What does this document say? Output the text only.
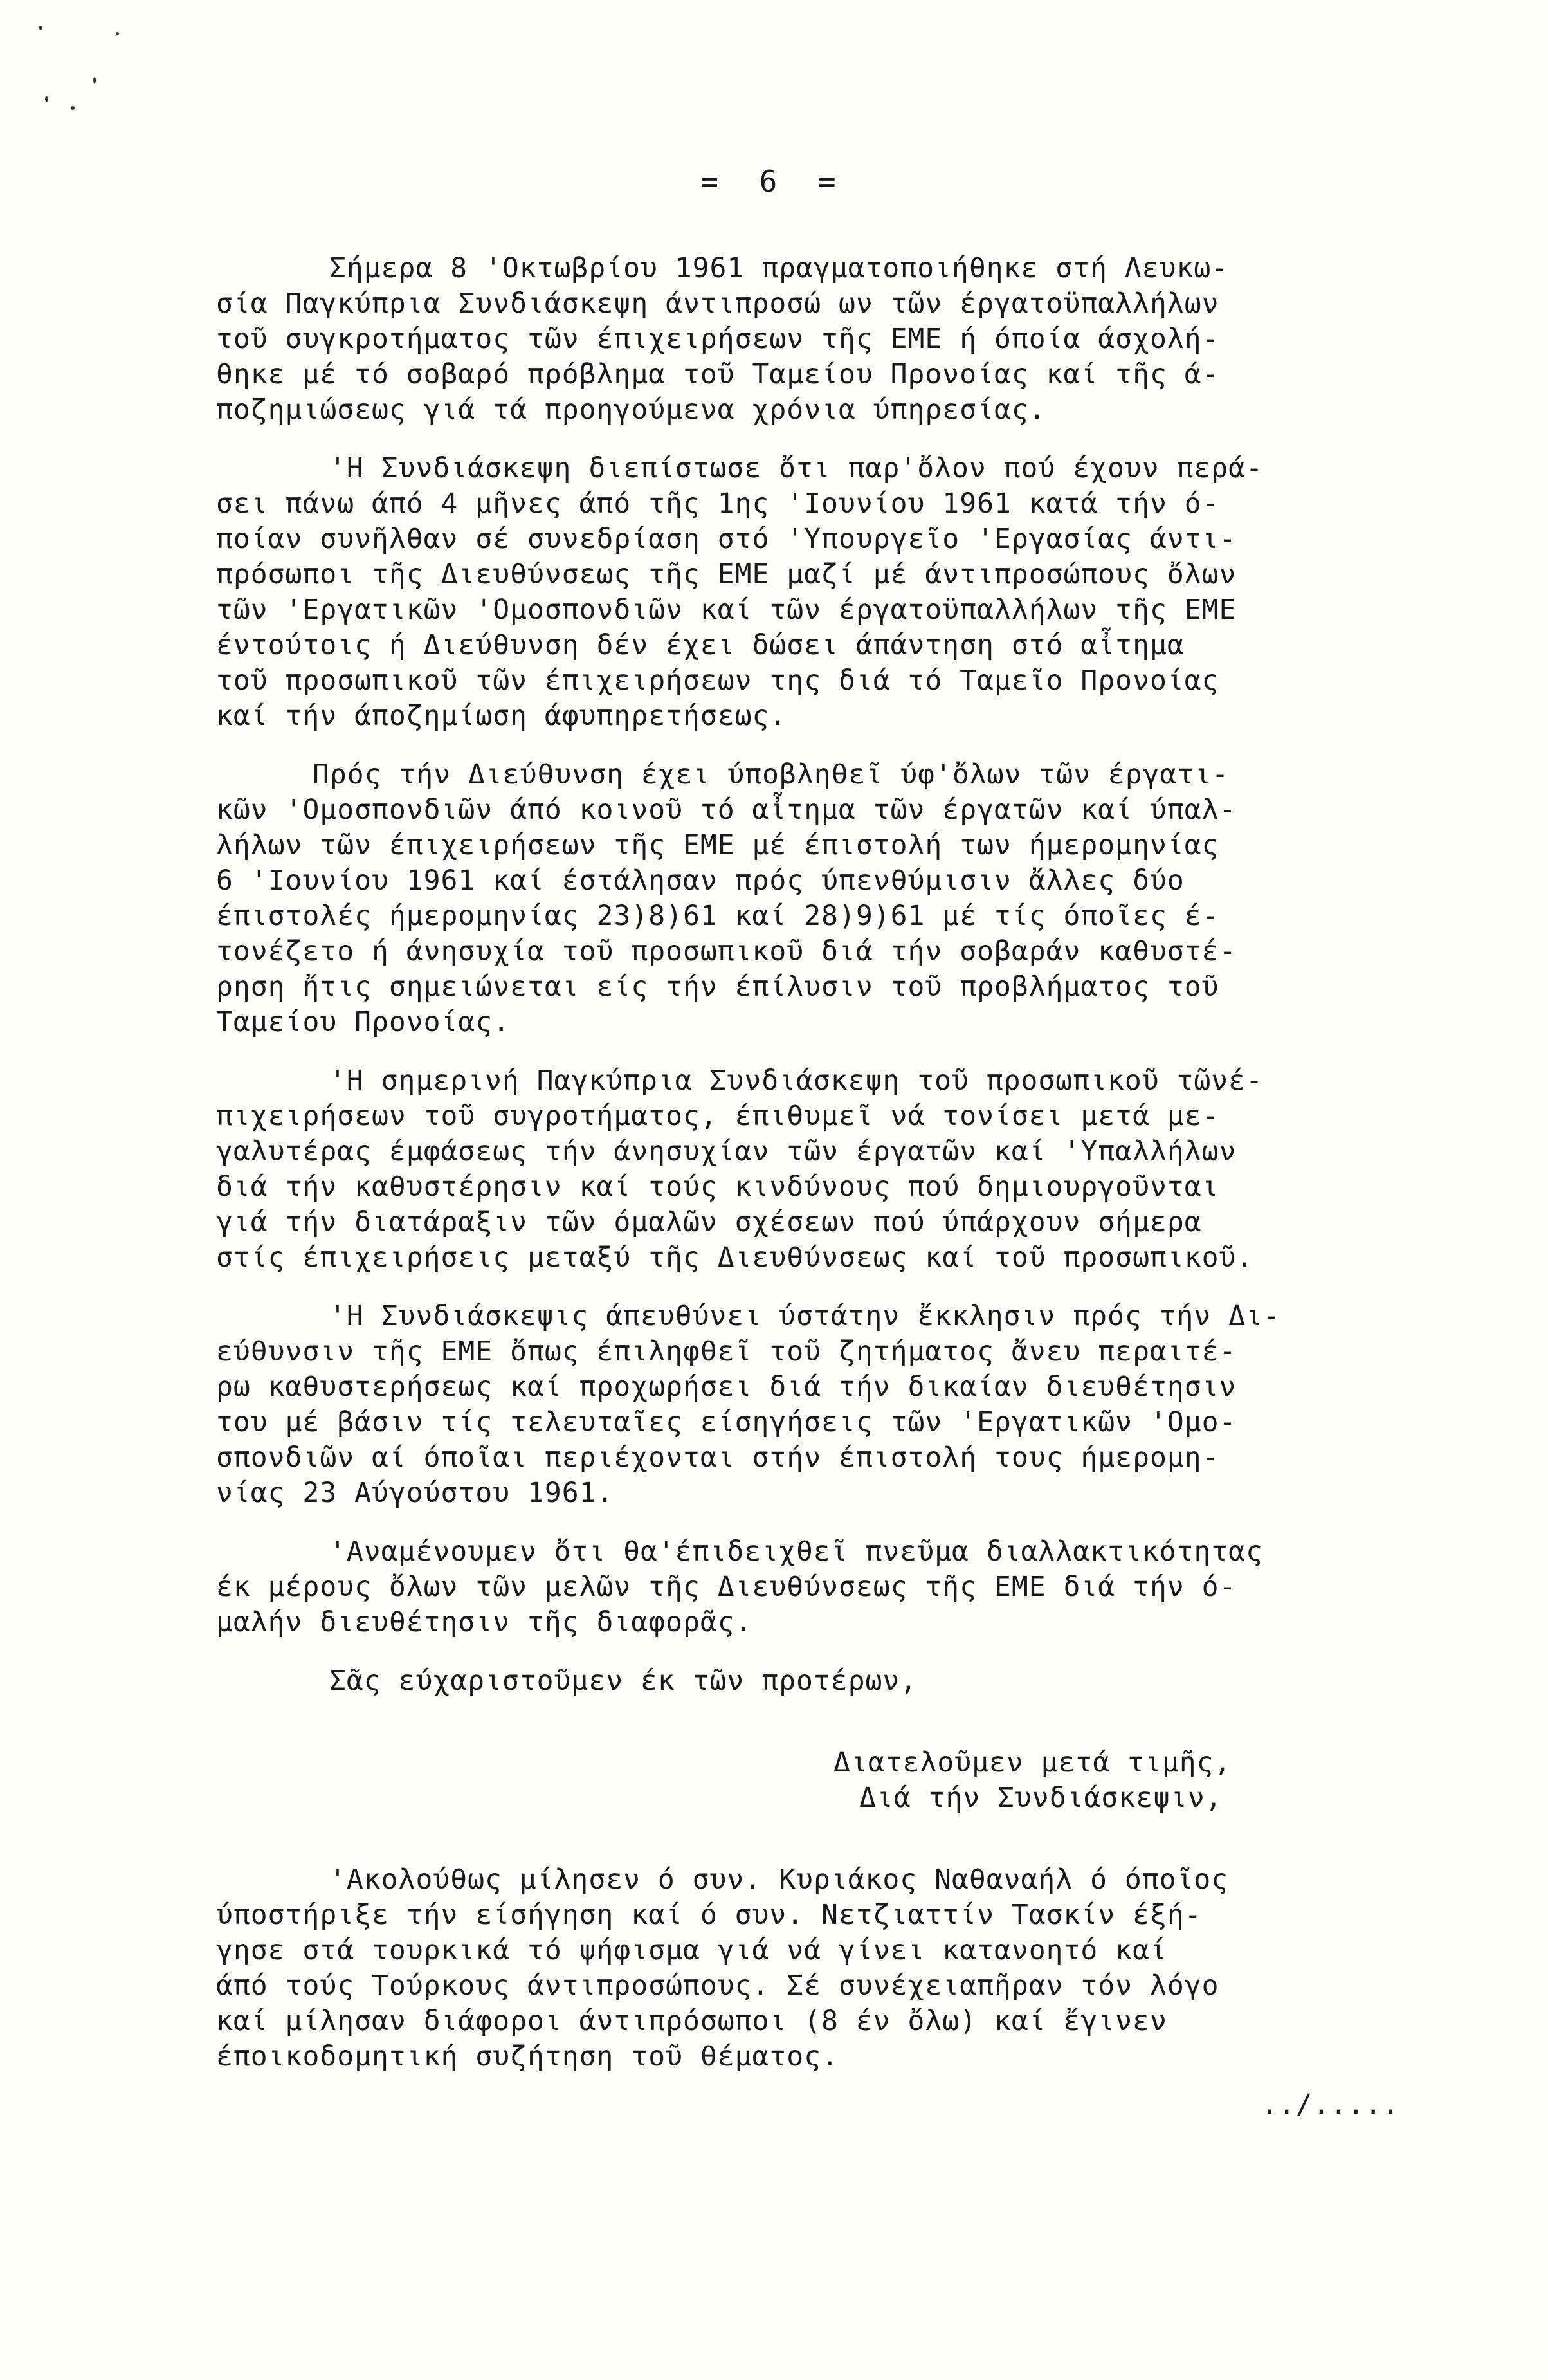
= 6 =
Σήμερα 8 'Οκτωβρίου 1961 πραγματοποιήθηκε στή Λευκω-
σία Παγκύπρια Συνδιάσκεψη άντιπροσώ ων τῶν έργατοϋπαλλήλων
τοῦ συγκροτήματος τῶν έπιχειρήσεων τῆς ΕΜΕ ή όποία άσχολή-
θηκε μέ τό σοβαρό πρόβλημα τοῦ Ταμείου Προνοίας καί τῆς ά-
ποζημιώσεως γιά τά προηγούμενα χρόνια ύπηρεσίας.
'Η Συνδιάσκεψη διεπίστωσε ὄτι παρ'ὄλον πού έχουν περά-
σει πάνω άπό 4 μῆνες άπό τῆς 1ης 'Ιουνίου 1961 κατά τήν ό-
ποίαν συνῆλθαν σέ συνεδρίαση στό 'Υπουργεῖο 'Εργασίας άντι-
πρόσωποι τῆς Διευθύνσεως τῆς ΕΜΕ μαζί μέ άντιπροσώπους ὄλων
τῶν 'Εργατικῶν 'Ομοσπονδιῶν καί τῶν έργατοϋπαλλήλων τῆς ΕΜΕ
έντούτοις ή Διεύθυνση δέν έχει δώσει άπάντηση στό αἶτημα
τοῦ προσωπικοῦ τῶν έπιχειρήσεων της διά τό Ταμεῖο Προνοίας
καί τήν άποζημίωση άφυπηρετήσεως.
Πρός τήν Διεύθυνση έχει ύποβληθεῖ ύφ'ὄλων τῶν έργατι-
κῶν 'Ομοσπονδιῶν άπό κοινοῦ τό αἶτημα τῶν έργατῶν καί ύπαλ-
λήλων τῶν έπιχειρήσεων τῆς ΕΜΕ μέ έπιστολή των ήμερομηνίας
6 'Ιουνίου 1961 καί έστάλησαν πρός ύπενθύμισιν ἄλλες δύο
έπιστολές ήμερομηνίας 23)8)61 καί 28)9)61 μέ τίς όποῖες έ-
τονέζετο ή άνησυχία τοῦ προσωπικοῦ διά τήν σοβαράν καθυστέ-
ρηση ἤτις σημειώνεται είς τήν έπίλυσιν τοῦ προβλήματος τοῦ
Ταμείου Προνοίας.
'Η σημερινή Παγκύπρια Συνδιάσκεψη τοῦ προσωπικοῦ τῶνέ-
πιχειρήσεων τοῦ συγροτήματος, έπιθυμεῖ νά τονίσει μετά με-
γαλυτέρας έμφάσεως τήν άνησυχίαν τῶν έργατῶν καί 'Υπαλλήλων
διά τήν καθυστέρησιν καί τούς κινδύνους πού δημιουργοῦνται
γιά τήν διατάραξιν τῶν όμαλῶν σχέσεων πού ύπάρχουν σήμερα
στίς έπιχειρήσεις μεταξύ τῆς Διευθύνσεως καί τοῦ προσωπικοῦ.
'Η Συνδιάσκεψις άπευθύνει ύστάτην ἔκκλησιν πρός τήν Δι-
εύθυνσιν τῆς ΕΜΕ ὄπως έπιληφθεῖ τοῦ ζητήματος ἄνευ περαιτέ-
ρω καθυστερήσεως καί προχωρήσει διά τήν δικαίαν διευθέτησιν
του μέ βάσιν τίς τελευταῖες είσηγήσεις τῶν 'Εργατικῶν 'Ομο-
σπονδιῶν αί όποῖαι περιέχονται στήν έπιστολή τους ήμερομη-
νίας 23 Αύγούστου 1961.
'Αναμένουμεν ὄτι θα'έπιδειχθεῖ πνεῦμα διαλλακτικότητας
έκ μέρους ὄλων τῶν μελῶν τῆς Διευθύνσεως τῆς ΕΜΕ διά τήν ό-
μαλήν διευθέτησιν τῆς διαφορᾶς.
Σᾶς εύχαριστοῦμεν έκ τῶν προτέρων,
Διατελοῦμεν μετά τιμῆς,
Διά τήν Συνδιάσκεψιν,
'Ακολούθως μίλησεν ό συν. Κυριάκος Ναθαναήλ ό όποῖος
ύποστήριξε τήν είσήγηση καί ό συν. Νετζιαττίν Τασκίν έξή-
γησε στά τουρκικά τό ψήφισμα γιά νά γίνει κατανοητό καί
άπό τούς Τούρκους άντιπροσώπους. Σέ συνέχειαπῆραν τόν λόγο
καί μίλησαν διάφοροι άντιπρόσωποι (8 έν ὄλω) καί ἔγινεν
έποικοδομητική συζήτηση τοῦ θέματος.
../.....
